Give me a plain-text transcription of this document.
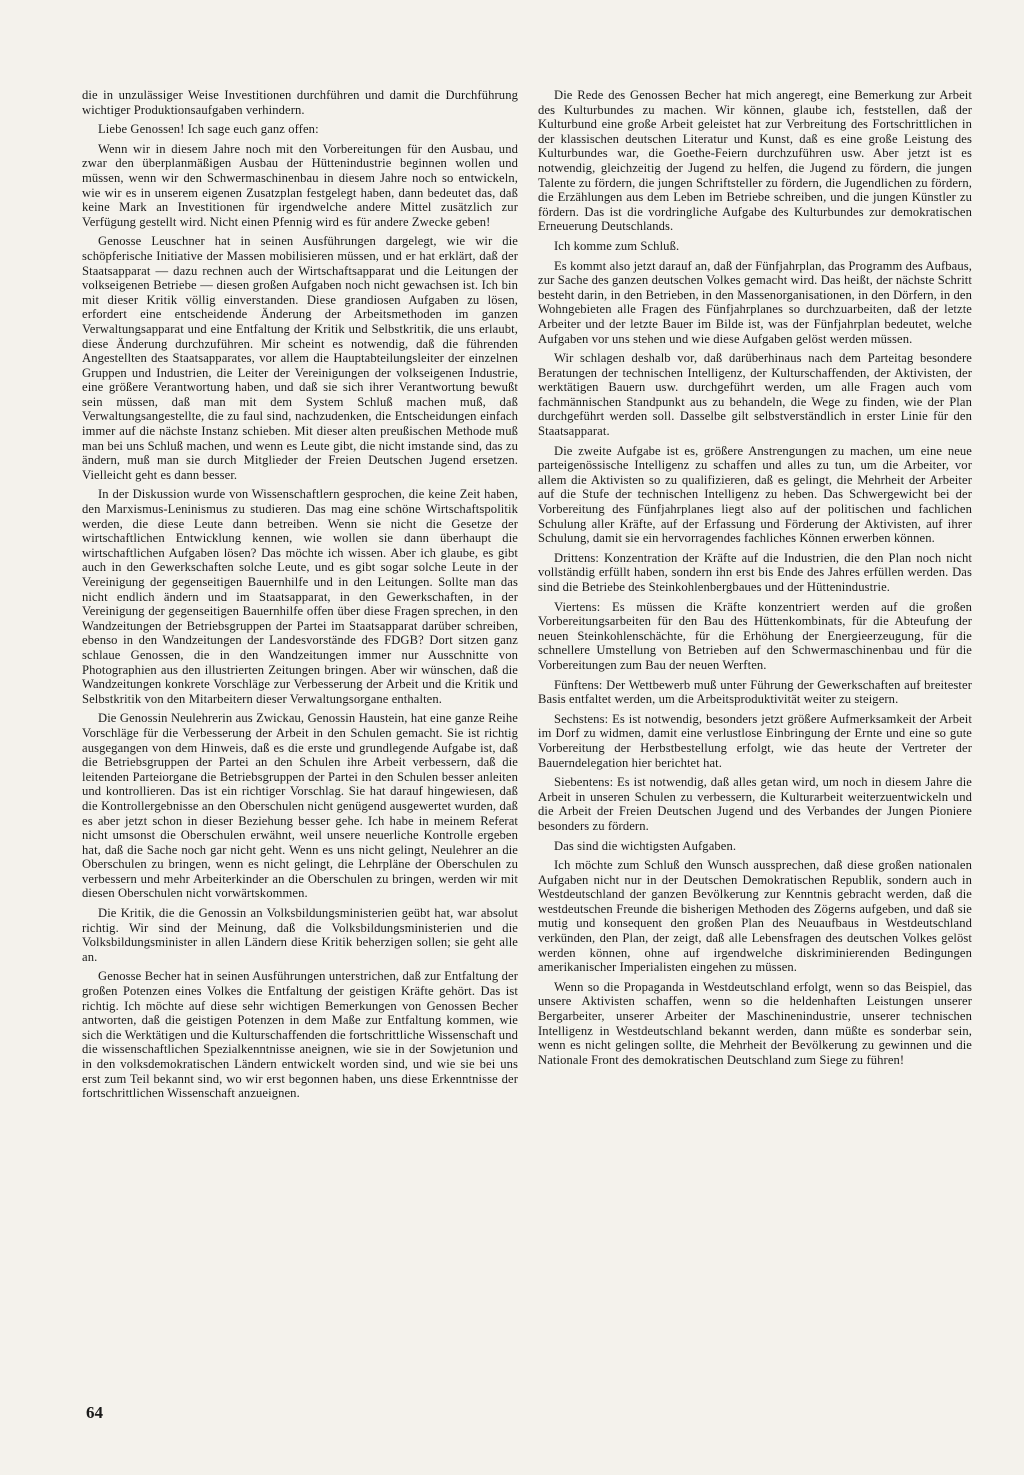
die in unzulässiger Weise Investitionen durchführen und damit die Durchführung wichtiger Produktionsaufgaben verhindern.

Liebe Genossen! Ich sage euch ganz offen:

Wenn wir in diesem Jahre noch mit den Vorbereitungen für den Ausbau, und zwar den überplanmäßigen Ausbau der Hüttenindustrie beginnen wollen und müssen, wenn wir den Schwermaschinenbau in diesem Jahre noch so entwickeln, wie wir es in unserem eigenen Zusatzplan festgelegt haben, dann bedeutet das, daß keine Mark an Investitionen für irgendwelche andere Mittel zusätzlich zur Verfügung gestellt wird. Nicht einen Pfennig wird es für andere Zwecke geben!

Genosse Leuschner hat in seinen Ausführungen dargelegt, wie wir die schöpferische Initiative der Massen mobilisieren müssen, und er hat erklärt, daß der Staatsapparat — dazu rechnen auch der Wirtschaftsapparat und die Leitungen der volkseigenen Betriebe — diesen großen Aufgaben noch nicht gewachsen ist. Ich bin mit dieser Kritik völlig einverstanden. Diese grandiosen Aufgaben zu lösen, erfordert eine entscheidende Änderung der Arbeitsmethoden im ganzen Verwaltungsapparat und eine Entfaltung der Kritik und Selbstkritik, die uns erlaubt, diese Änderung durchzuführen. Mir scheint es notwendig, daß die führenden Angestellten des Staatsapparates, vor allem die Hauptabteilungsleiter der einzelnen Gruppen und Industrien, die Leiter der Vereinigungen der volkseigenen Industrie, eine größere Verantwortung haben, und daß sie sich ihrer Verantwortung bewußt sein müssen, daß man mit dem System Schluß machen muß, daß Verwaltungsangestellte, die zu faul sind, nachzudenken, die Entscheidungen einfach immer auf die nächste Instanz schieben. Mit dieser alten preußischen Methode muß man bei uns Schluß machen, und wenn es Leute gibt, die nicht imstande sind, das zu ändern, muß man sie durch Mitglieder der Freien Deutschen Jugend ersetzen. Vielleicht geht es dann besser.

In der Diskussion wurde von Wissenschaftlern gesprochen, die keine Zeit haben, den Marxismus-Leninismus zu studieren. Das mag eine schöne Wirtschaftspolitik werden, die diese Leute dann betreiben. Wenn sie nicht die Gesetze der wirtschaftlichen Entwicklung kennen, wie wollen sie dann überhaupt die wirtschaftlichen Aufgaben lösen? Das möchte ich wissen. Aber ich glaube, es gibt auch in den Gewerkschaften solche Leute, und es gibt sogar solche Leute in der Vereinigung der gegenseitigen Bauernhilfe und in den Leitungen. Sollte man das nicht endlich ändern und im Staatsapparat, in den Gewerkschaften, in der Vereinigung der gegenseitigen Bauernhilfe offen über diese Fragen sprechen, in den Wandzeitungen der Betriebsgruppen der Partei im Staatsapparat darüber schreiben, ebenso in den Wandzeitungen der Landesvorstände des FDGB? Dort sitzen ganz schlaue Genossen, die in den Wandzeitungen immer nur Ausschnitte von Photographien aus den illustrierten Zeitungen bringen. Aber wir wünschen, daß die Wandzeitungen konkrete Vorschläge zur Verbesserung der Arbeit und die Kritik und Selbstkritik von den Mitarbeitern dieser Verwaltungsorgane enthalten.

Die Genossin Neulehrerin aus Zwickau, Genossin Haustein, hat eine ganze Reihe Vorschläge für die Verbesserung der Arbeit in den Schulen gemacht. Sie ist richtig ausgegangen von dem Hinweis, daß es die erste und grundlegende Aufgabe ist, daß die Betriebsgruppen der Partei an den Schulen ihre Arbeit verbessern, daß die leitenden Parteiorgane die Betriebsgruppen der Partei in den Schulen besser anleiten und kontrollieren. Das ist ein richtiger Vorschlag. Sie hat darauf hingewiesen, daß die Kontrollergebnisse an den Oberschulen nicht genügend ausgewertet wurden, daß es aber jetzt schon in dieser Beziehung besser gehe. Ich habe in meinem Referat nicht umsonst die Oberschulen erwähnt, weil unsere neuerliche Kontrolle ergeben hat, daß die Sache noch gar nicht geht. Wenn es uns nicht gelingt, Neulehrer an die Oberschulen zu bringen, wenn es nicht gelingt, die Lehrpläne der Oberschulen zu verbessern und mehr Arbeiterkinder an die Oberschulen zu bringen, werden wir mit diesen Oberschulen nicht vorwärtskommen.

Die Kritik, die die Genossin an Volksbildungsministerien geübt hat, war absolut richtig. Wir sind der Meinung, daß die Volksbildungsministerien und die Volksbildungsminister in allen Ländern diese Kritik beherzigen sollen; sie geht alle an.

Genosse Becher hat in seinen Ausführungen unterstrichen, daß zur Entfaltung der großen Potenzen eines Volkes die Entfaltung der geistigen Kräfte gehört. Das ist richtig. Ich möchte auf diese sehr wichtigen Bemerkungen von Genossen Becher antworten, daß die geistigen Potenzen in dem Maße zur Entfaltung kommen, wie sich die Werktätigen und die Kulturschaffenden die fortschrittliche Wissenschaft und die wissenschaftlichen Spezialkenntnisse aneignen, wie sie in der Sowjetunion und in den volksdemokratischen Ländern entwickelt worden sind, und wie sie bei uns erst zum Teil bekannt sind, wo wir erst begonnen haben, uns diese Erkenntnisse der fortschrittlichen Wissenschaft anzueignen.

Die Rede des Genossen Becher hat mich angeregt, eine Bemerkung zur Arbeit des Kulturbundes zu machen. Wir können, glaube ich, feststellen, daß der Kulturbund eine große Arbeit geleistet hat zur Verbreitung des Fortschrittlichen in der klassischen deutschen Literatur und Kunst, daß es eine große Leistung des Kulturbundes war, die Goethe-Feiern durchzuführen usw. Aber jetzt ist es notwendig, gleichzeitig der Jugend zu helfen, die Jugend zu fördern, die jungen Talente zu fördern, die jungen Schriftsteller zu fördern, die Jugendlichen zu fördern, die Erzählungen aus dem Leben im Betriebe schreiben, und die jungen Künstler zu fördern. Das ist die vordringliche Aufgabe des Kulturbundes zur demokratischen Erneuerung Deutschlands.

Ich komme zum Schluß.

Es kommt also jetzt darauf an, daß der Fünfjahrplan, das Programm des Aufbaus, zur Sache des ganzen deutschen Volkes gemacht wird. Das heißt, der nächste Schritt besteht darin, in den Betrieben, in den Massenorganisationen, in den Dörfern, in den Wohngebieten alle Fragen des Fünfjahrplanes so durchzuarbeiten, daß der letzte Arbeiter und der letzte Bauer im Bilde ist, was der Fünfjahrplan bedeutet, welche Aufgaben vor uns stehen und wie diese Aufgaben gelöst werden müssen.

Wir schlagen deshalb vor, daß darüberhinaus nach dem Parteitag besondere Beratungen der technischen Intelligenz, der Kulturschaffenden, der Aktivisten, der werktätigen Bauern usw. durchgeführt werden, um alle Fragen auch vom fachmännischen Standpunkt aus zu behandeln, die Wege zu finden, wie der Plan durchgeführt werden soll. Dasselbe gilt selbstverständlich in erster Linie für den Staatsapparat.

Die zweite Aufgabe ist es, größere Anstrengungen zu machen, um eine neue parteigenössische Intelligenz zu schaffen und alles zu tun, um die Arbeiter, vor allem die Aktivisten so zu qualifizieren, daß es gelingt, die Mehrheit der Arbeiter auf die Stufe der technischen Intelligenz zu heben. Das Schwergewicht bei der Vorbereitung des Fünfjahrplanes liegt also auf der politischen und fachlichen Schulung aller Kräfte, auf der Erfassung und Förderung der Aktivisten, auf ihrer Schulung, damit sie ein hervorragendes fachliches Können erwerben können.

Drittens: Konzentration der Kräfte auf die Industrien, die den Plan noch nicht vollständig erfüllt haben, sondern ihn erst bis Ende des Jahres erfüllen werden. Das sind die Betriebe des Steinkohlenbergbaues und der Hüttenindustrie.

Viertens: Es müssen die Kräfte konzentriert werden auf die großen Vorbereitungsarbeiten für den Bau des Hüttenkombinats, für die Abteufung der neuen Steinkohlenschächte, für die Erhöhung der Energieerzeugung, für die schnellere Umstellung von Betrieben auf den Schwermaschinenbau und für die Vorbereitungen zum Bau der neuen Werften.

Fünftens: Der Wettbewerb muß unter Führung der Gewerkschaften auf breitester Basis entfaltet werden, um die Arbeitsproduktivität weiter zu steigern.

Sechstens: Es ist notwendig, besonders jetzt größere Aufmerksamkeit der Arbeit im Dorf zu widmen, damit eine verlustlose Einbringung der Ernte und eine so gute Vorbereitung der Herbstbestellung erfolgt, wie das heute der Vertreter der Bauerndelegation hier berichtet hat.

Siebentens: Es ist notwendig, daß alles getan wird, um noch in diesem Jahre die Arbeit in unseren Schulen zu verbessern, die Kulturarbeit weiterzuentwickeln und die Arbeit der Freien Deutschen Jugend und des Verbandes der Jungen Pioniere besonders zu fördern.

Das sind die wichtigsten Aufgaben.

Ich möchte zum Schluß den Wunsch aussprechen, daß diese großen nationalen Aufgaben nicht nur in der Deutschen Demokratischen Republik, sondern auch in Westdeutschland der ganzen Bevölkerung zur Kenntnis gebracht werden, daß die westdeutschen Freunde die bisherigen Methoden des Zögerns aufgeben, und daß sie mutig und konsequent den großen Plan des Neuaufbaus in Westdeutschland verkünden, den Plan, der zeigt, daß alle Lebensfragen des deutschen Volkes gelöst werden können, ohne auf irgendwelche diskriminierenden Bedingungen amerikanischer Imperialisten eingehen zu müssen.

Wenn so die Propaganda in Westdeutschland erfolgt, wenn so das Beispiel, das unsere Aktivisten schaffen, wenn so die heldenhaften Leistungen unserer Bergarbeiter, unserer Arbeiter der Maschinenindustrie, unserer technischen Intelligenz in Westdeutschland bekannt werden, dann müßte es sonderbar sein, wenn es nicht gelingen sollte, die Mehrheit der Bevölkerung zu gewinnen und die Nationale Front des demokratischen Deutschland zum Siege zu führen!

64
